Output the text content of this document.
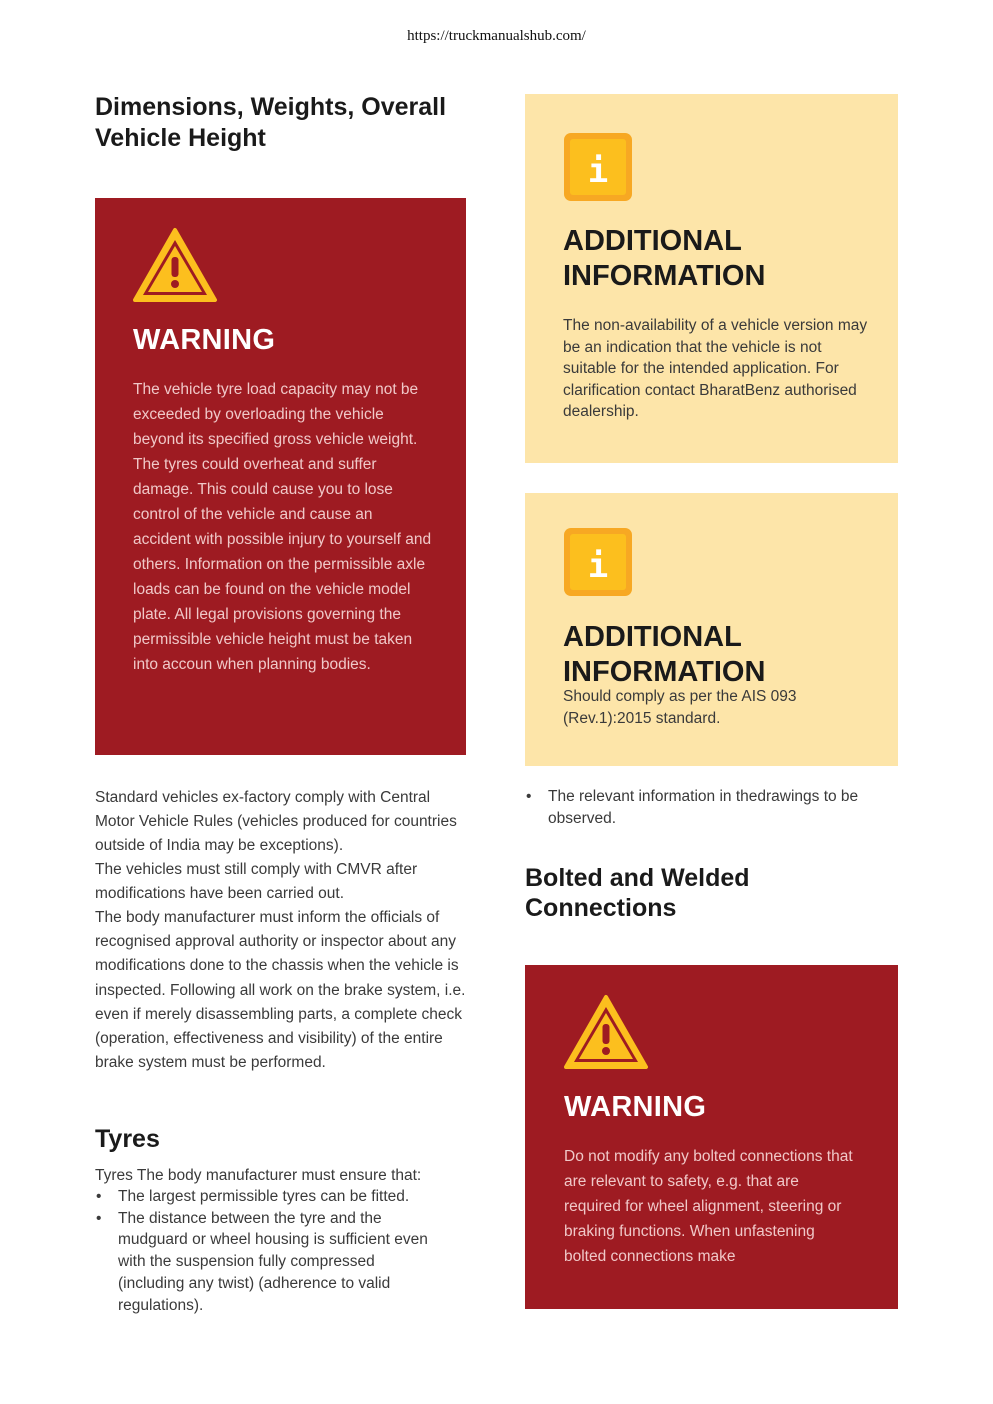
https://truckmanualshub.com/
Dimensions, Weights, Overall Vehicle Height
WARNING

The vehicle tyre load capacity may not be exceeded by overloading the vehicle beyond its specified gross vehicle weight. The tyres could overheat and suffer damage. This could cause you to lose control of the vehicle and cause an accident with possible injury to yourself and others. Information on the permissible axle loads can be found on the vehicle model plate. All legal provisions governing the permissible vehicle height must be taken into accoun when planning bodies.

Standard vehicles ex-factory comply with Central Motor Vehicle Rules (vehicles produced for countries outside of India may be exceptions).

The vehicles must still comply with CMVR after modifications have been carried out.

The body manufacturer must inform the officials of recognised approval authority or inspector about any modifications done to the chassis when the vehicle is inspected. Following all work on the brake system, i.e. even if merely disassembling parts, a complete check (operation, effectiveness and visibility) of the entire brake system must be performed.

Tyres

Tyres The body manufacturer must ensure that:

• The largest permissible tyres can be fitted.
• The distance between the tyre and the mudguard or wheel housing is sufficient even with the suspension fully compressed (including any twist) (adherence to valid regulations).
i
ADDITIONAL INFORMATION

The non-availability of a vehicle version may be an indication that the vehicle is not suitable for the intended application. For clarification contact BharatBenz authorised dealership.

i
ADDITIONAL INFORMATION

Should comply as per the AIS 093 (Rev.1):2015 standard.

• The relevant information in thedrawings to be observed.
Bolted and Welded Connections
WARNING

Do not modify any bolted connections that are relevant to safety, e.g. that are required for wheel alignment, steering or braking functions. When unfastening bolted connections make
